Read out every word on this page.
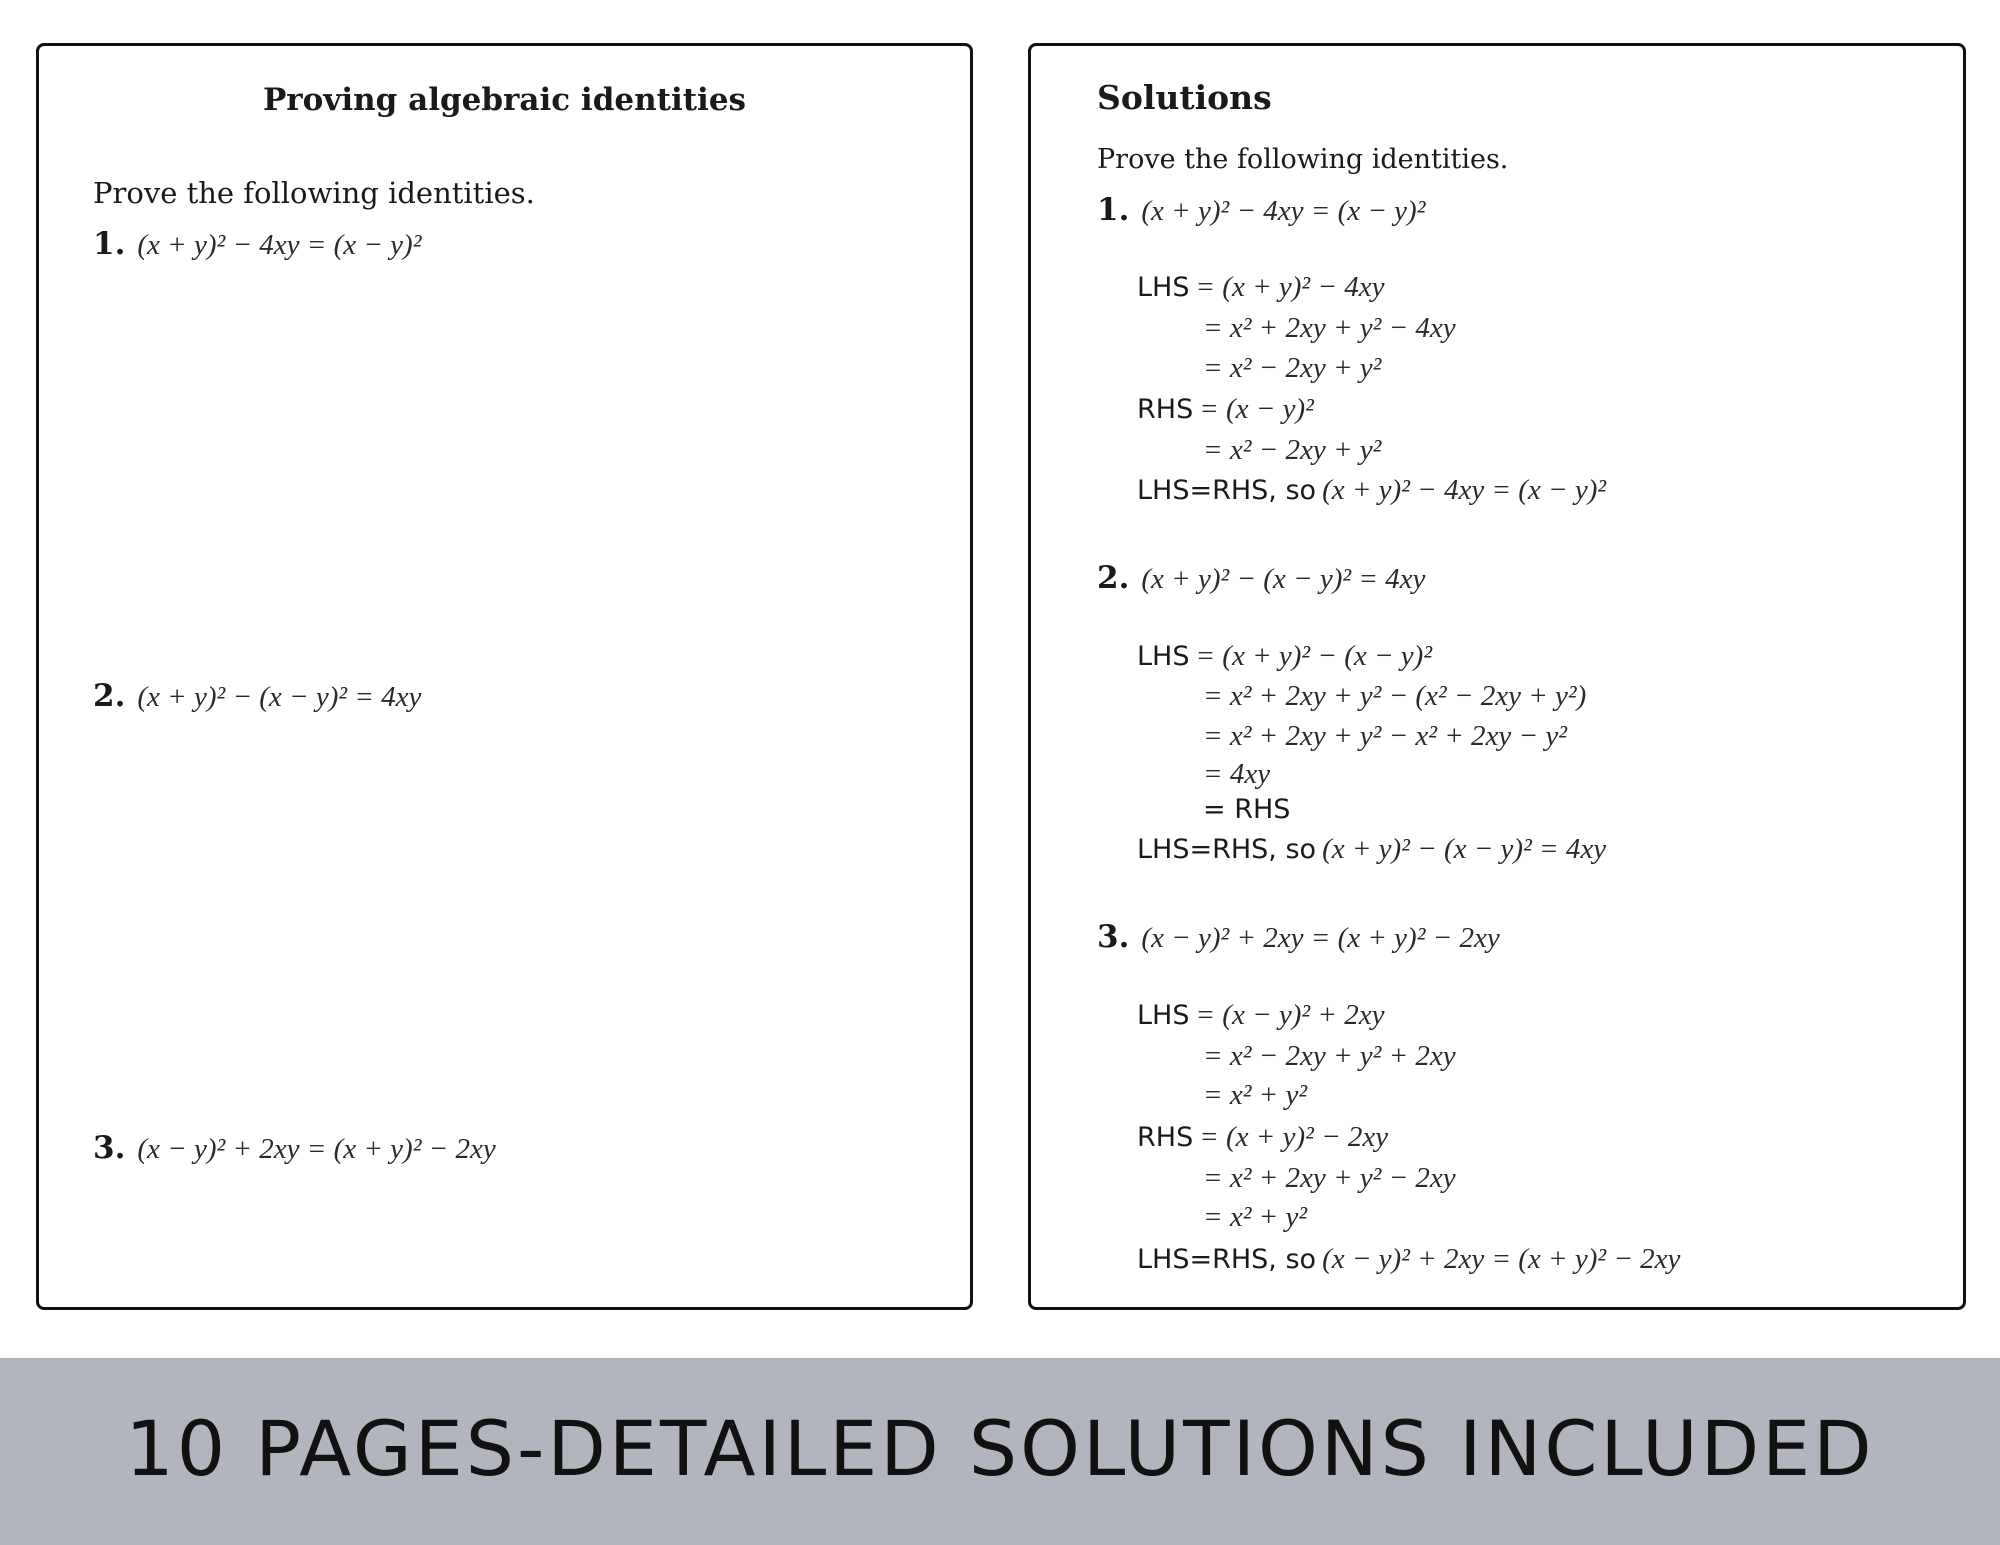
Proving algebraic identities
Prove the following identities.
1. (x + y)² − 4xy = (x − y)²
2. (x + y)² − (x − y)² = 4xy
3. (x − y)² + 2xy = (x + y)² − 2xy
Solutions
Prove the following identities.
1. (x + y)² − 4xy = (x − y)²
LHS = (x + y)² − 4xy
= x² + 2xy + y² − 4xy
= x² − 2xy + y²
RHS = (x − y)²
= x² − 2xy + y²
LHS=RHS, so (x + y)² − 4xy = (x − y)²
2. (x + y)² − (x − y)² = 4xy
LHS = (x + y)² − (x − y)²
= x² + 2xy + y² − (x² − 2xy + y²)
= x² + 2xy + y² − x² + 2xy − y²
= 4xy
= RHS
LHS=RHS, so (x + y)² − (x − y)² = 4xy
3. (x − y)² + 2xy = (x + y)² − 2xy
LHS = (x − y)² + 2xy
= x² − 2xy + y² + 2xy
= x² + y²
RHS = (x + y)² − 2xy
= x² + 2xy + y² − 2xy
= x² + y²
LHS=RHS, so (x − y)² + 2xy = (x + y)² − 2xy
10 PAGES-DETAILED SOLUTIONS INCLUDED
